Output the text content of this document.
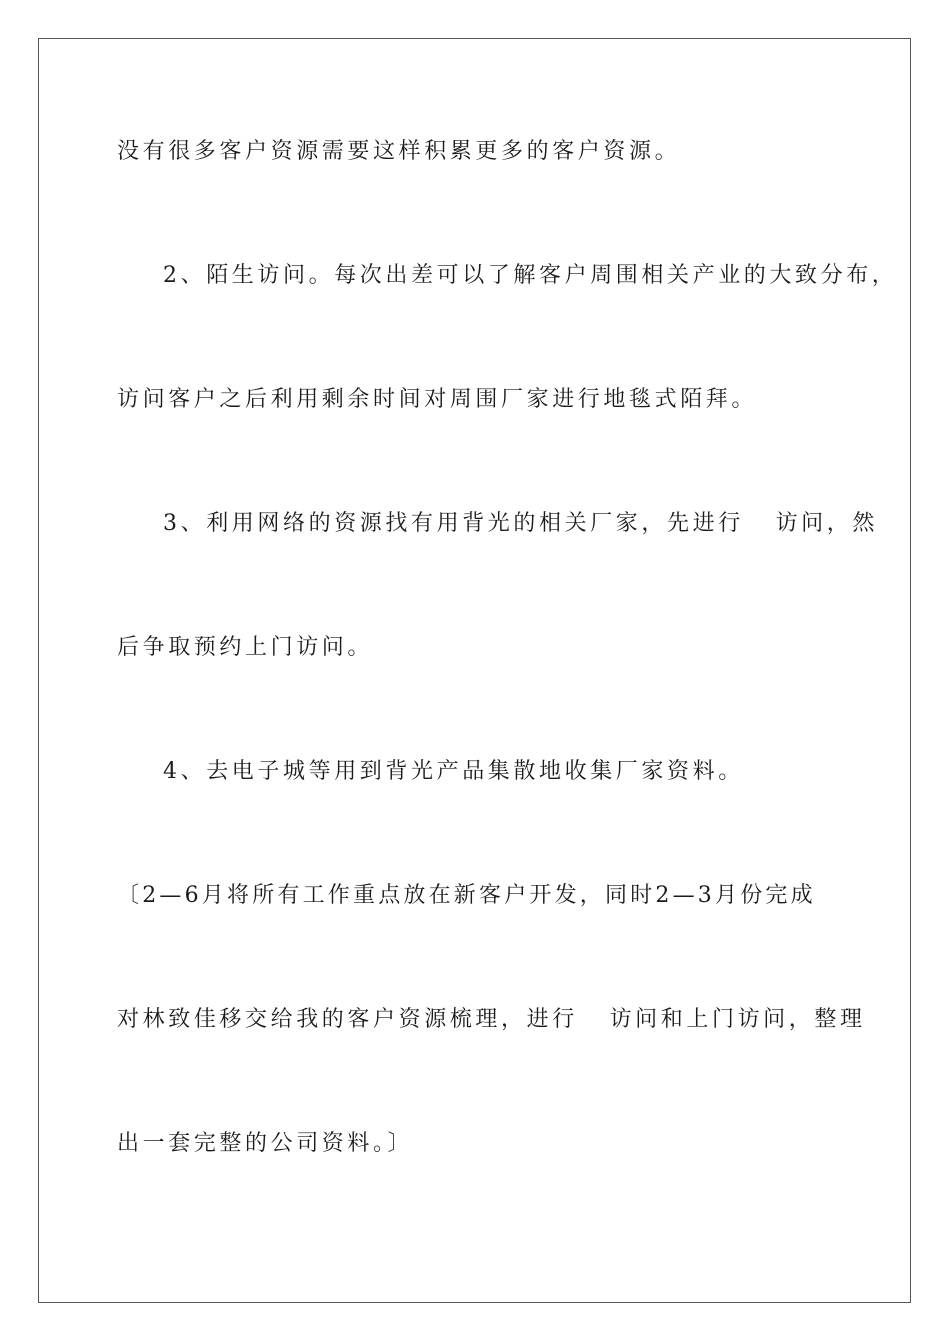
没有很多客户资源需要这样积累更多的客户资源。
2、陌生访问。每次出差可以了解客户周围相关产业的大致分布，
访问客户之后利用剩余时间对周围厂家进行地毯式陌拜。
3、利用网络的资源找有用背光的相关厂家，先进行   访问，然
后争取预约上门访问。
4、去电子城等用到背光产品集散地收集厂家资料。
〔2—6月将所有工作重点放在新客户开发，同时2—3月份完成
对林致佳移交给我的客户资源梳理，进行   访问和上门访问，整理
出一套完整的公司资料。〕
